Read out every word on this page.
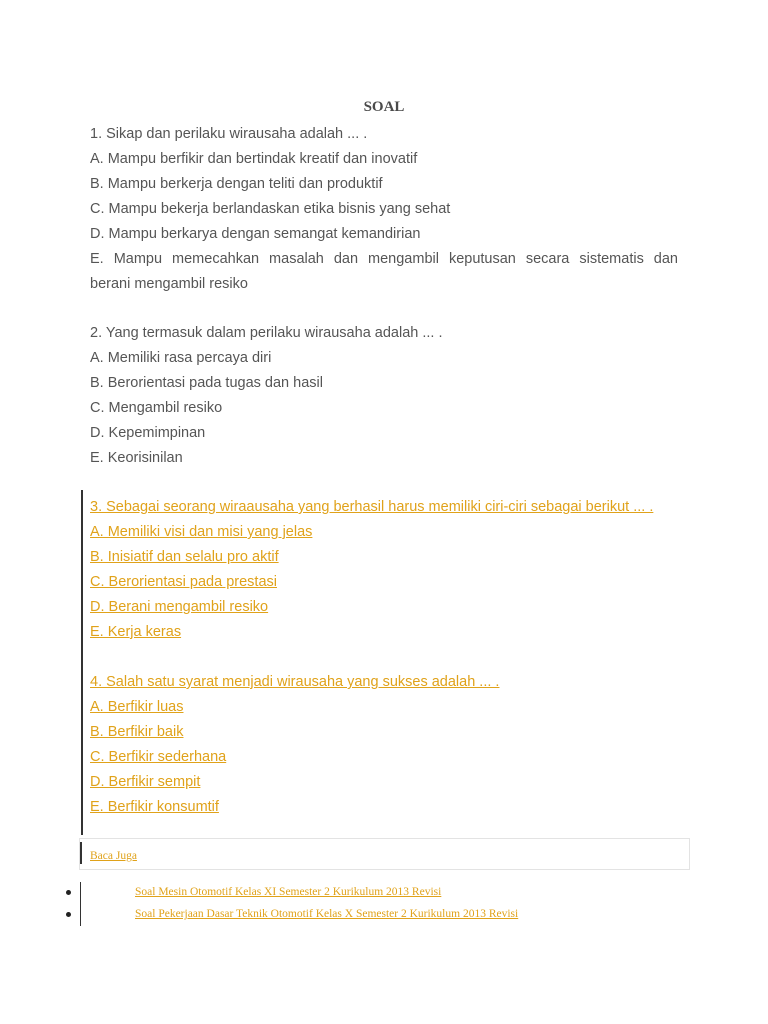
SOAL
1. Sikap dan perilaku wirausaha adalah ... .
A. Mampu berfikir dan bertindak kreatif dan inovatif
B. Mampu berkerja dengan teliti dan produktif
C. Mampu bekerja berlandaskan etika bisnis yang sehat
D. Mampu berkarya dengan semangat kemandirian
E. Mampu memecahkan masalah dan mengambil keputusan secara sistematis dan
berani mengambil resiko
2. Yang termasuk dalam perilaku wirausaha adalah ... .
A. Memiliki rasa percaya diri
B. Berorientasi pada tugas dan hasil
C. Mengambil resiko
D. Kepemimpinan
E. Keorisinilan
3. Sebagai seorang wiraausaha yang berhasil harus memiliki ciri-ciri sebagai berikut ... .
A. Memiliki visi dan misi yang jelas
B. Inisiatif dan selalu pro aktif
C. Berorientasi pada prestasi
D. Berani mengambil resiko
E. Kerja keras
4. Salah satu syarat menjadi wirausaha yang sukses adalah ... .
A. Berfikir luas
B. Berfikir baik
C. Berfikir sederhana
D. Berfikir sempit
E. Berfikir konsumtif
Baca Juga
Soal Mesin Otomotif Kelas XI Semester 2 Kurikulum 2013 Revisi
Soal Pekerjaan Dasar Teknik Otomotif Kelas X Semester 2 Kurikulum 2013 Revisi
